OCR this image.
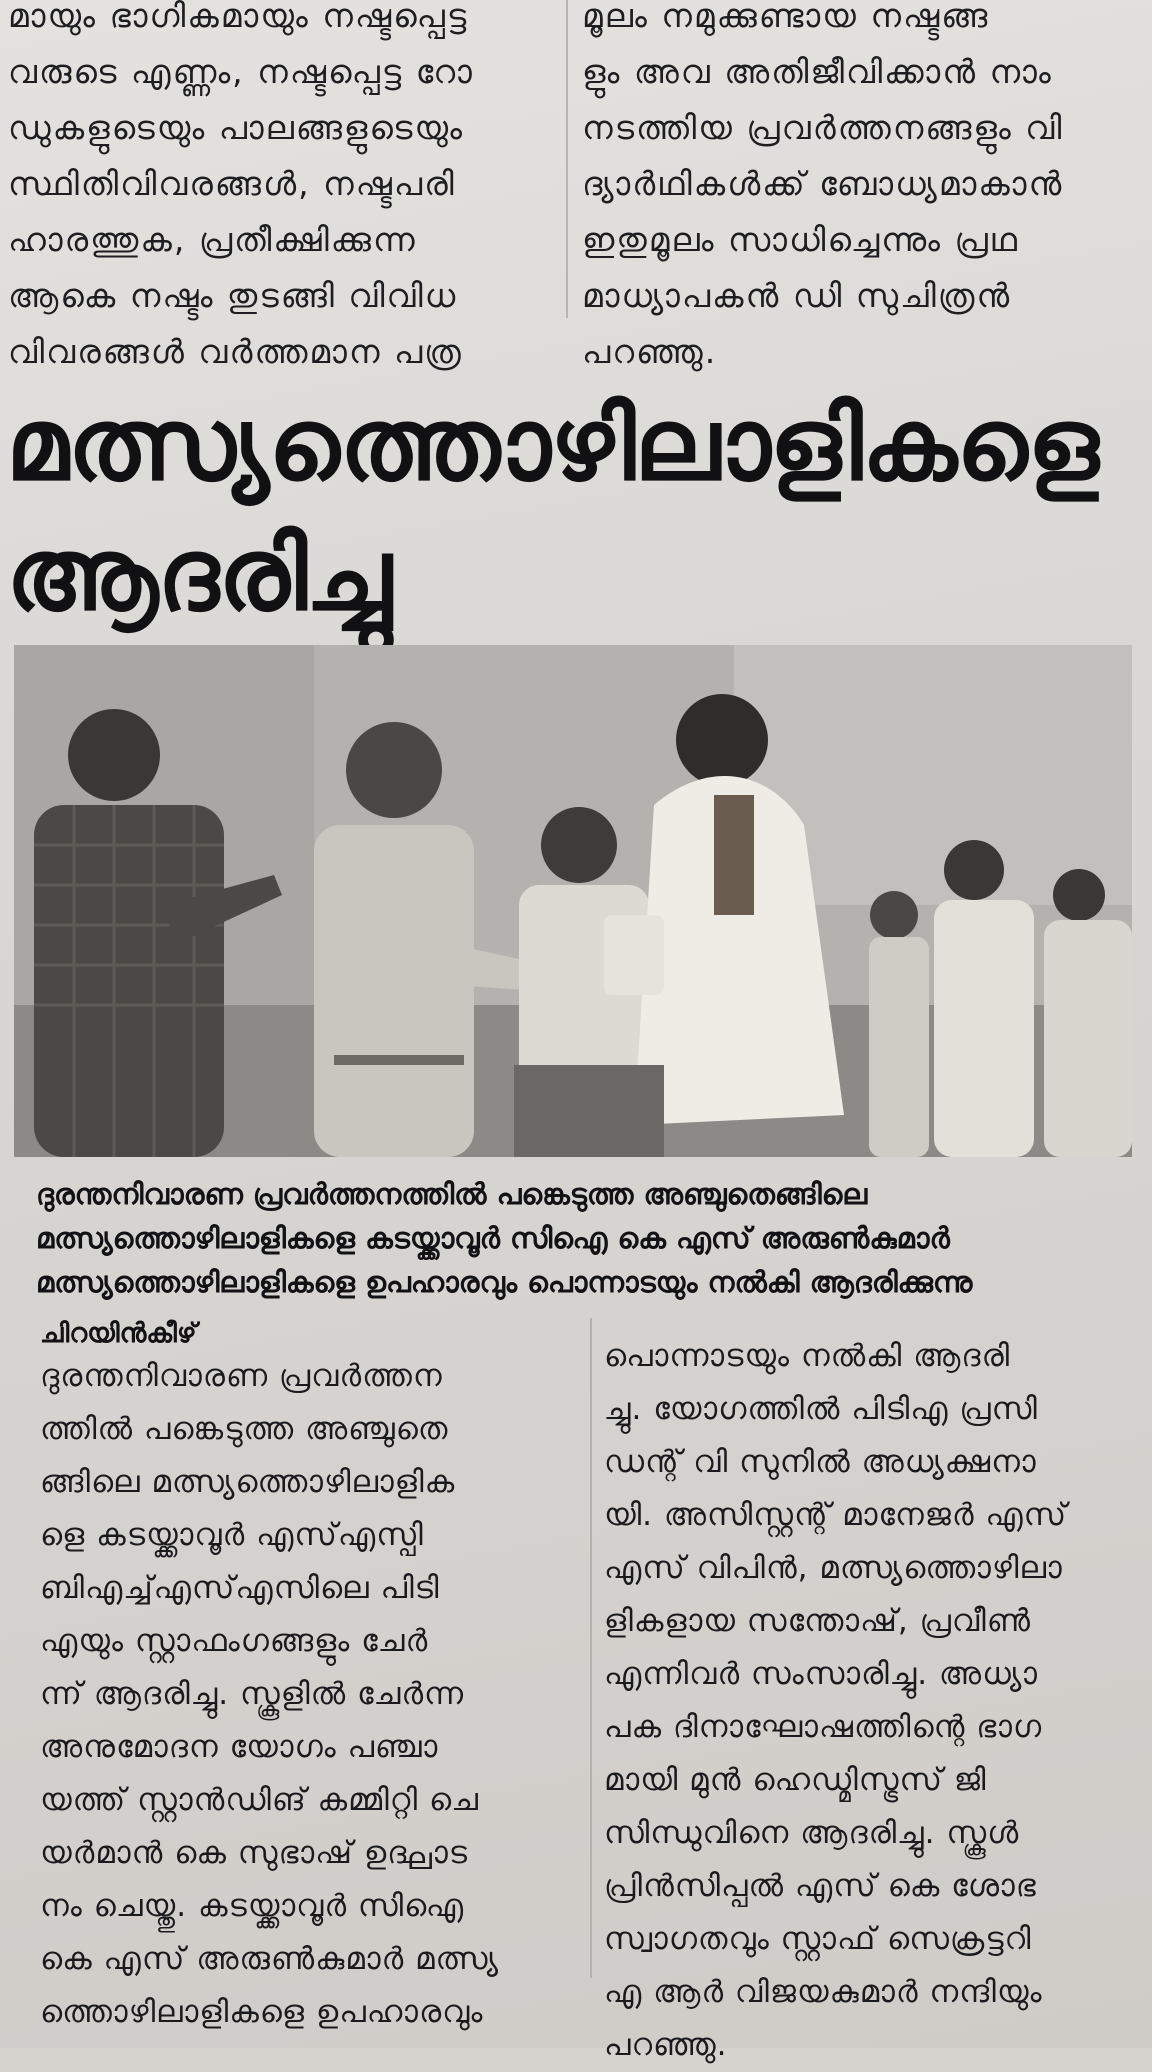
മായും ഭാഗികമായും നഷ്ടപ്പെട്ട

വരുടെ എണ്ണം, നഷ്ടപ്പെട്ട റോ

ഡുകളുടെയും പാലങ്ങളുടെയും

സ്ഥിതിവിവരങ്ങൾ, നഷ്ടപരി

ഹാരത്തുക, പ്രതീക്ഷിക്കുന്ന

ആകെ നഷ്ടം തുടങ്ങി വിവിധ

വിവരങ്ങൾ വർത്തമാന പത്ര

മൂലം നമുക്കുണ്ടായ നഷ്ടങ്ങ

ളും അവ അതിജീവിക്കാൻ നാം

നടത്തിയ പ്രവർത്തനങ്ങളും വി

ദ്യാർഥികൾക്ക് ബോധ്യമാകാൻ

ഇതുമൂലം സാധിച്ചെന്നും പ്രഥ

മാധ്യാപകൻ ഡി സുചിത്രൻ

പറഞ്ഞു.

മത്സ്യത്തൊഴിലാളികളെ
ആദരിച്ചു

ദുരന്തനിവാരണ പ്രവർത്തനത്തിൽ പങ്കെടുത്ത അഞ്ചുതെങ്ങിലെ

മത്സ്യത്തൊഴിലാളികളെ കടയ്ക്കാവൂർ സിഐ കെ എസ് അരുൺകുമാർ

മത്സ്യത്തൊഴിലാളികളെ ഉപഹാരവും പൊന്നാടയും നൽകി ആദരിക്കുന്നു

ചിറയിൻകീഴ്

ദുരന്തനിവാരണ പ്രവർത്തന

ത്തിൽ പങ്കെടുത്ത അഞ്ചുതെ

ങ്ങിലെ മത്സ്യത്തൊഴിലാളിക

ളെ കടയ്ക്കാവൂർ എസ്എസ്പി

ബിഎച്ച്എസ്എസിലെ പിടി

എയും സ്റ്റാഫംഗങ്ങളും ചേർ

ന്ന് ആദരിച്ചു. സ്കൂളിൽ ചേർന്ന

അനുമോദന യോഗം പഞ്ചാ

യത്ത് സ്റ്റാൻഡിങ് കമ്മിറ്റി ചെ

യർമാൻ കെ സുഭാഷ് ഉദ്ഘാട

നം ചെയ്തു. കടയ്ക്കാവൂർ സിഐ

കെ എസ് അരുൺകുമാർ മത്സ്യ

ത്തൊഴിലാളികളെ ഉപഹാരവും

പൊന്നാടയും നൽകി ആദരി

ച്ചു. യോഗത്തിൽ പിടിഎ പ്രസി

ഡന്റ് വി സുനിൽ അധ്യക്ഷനാ

യി. അസിസ്റ്റന്റ് മാനേജർ എസ്

എസ് വിപിൻ, മത്സ്യത്തൊഴിലാ

ളികളായ സന്തോഷ്, പ്രവീൺ

എന്നിവർ സംസാരിച്ചു. അധ്യാ

പക ദിനാഘോഷത്തിന്റെ ഭാഗ

മായി മുൻ ഹെഡ്മിസ്ട്രസ് ജി

സിന്ധുവിനെ ആദരിച്ചു. സ്കൂൾ

പ്രിൻസിപ്പൽ എസ് കെ ശോഭ

സ്വാഗതവും സ്റ്റാഫ് സെക്രട്ടറി

എ ആർ വിജയകുമാർ നന്ദിയും

പറഞ്ഞു.
